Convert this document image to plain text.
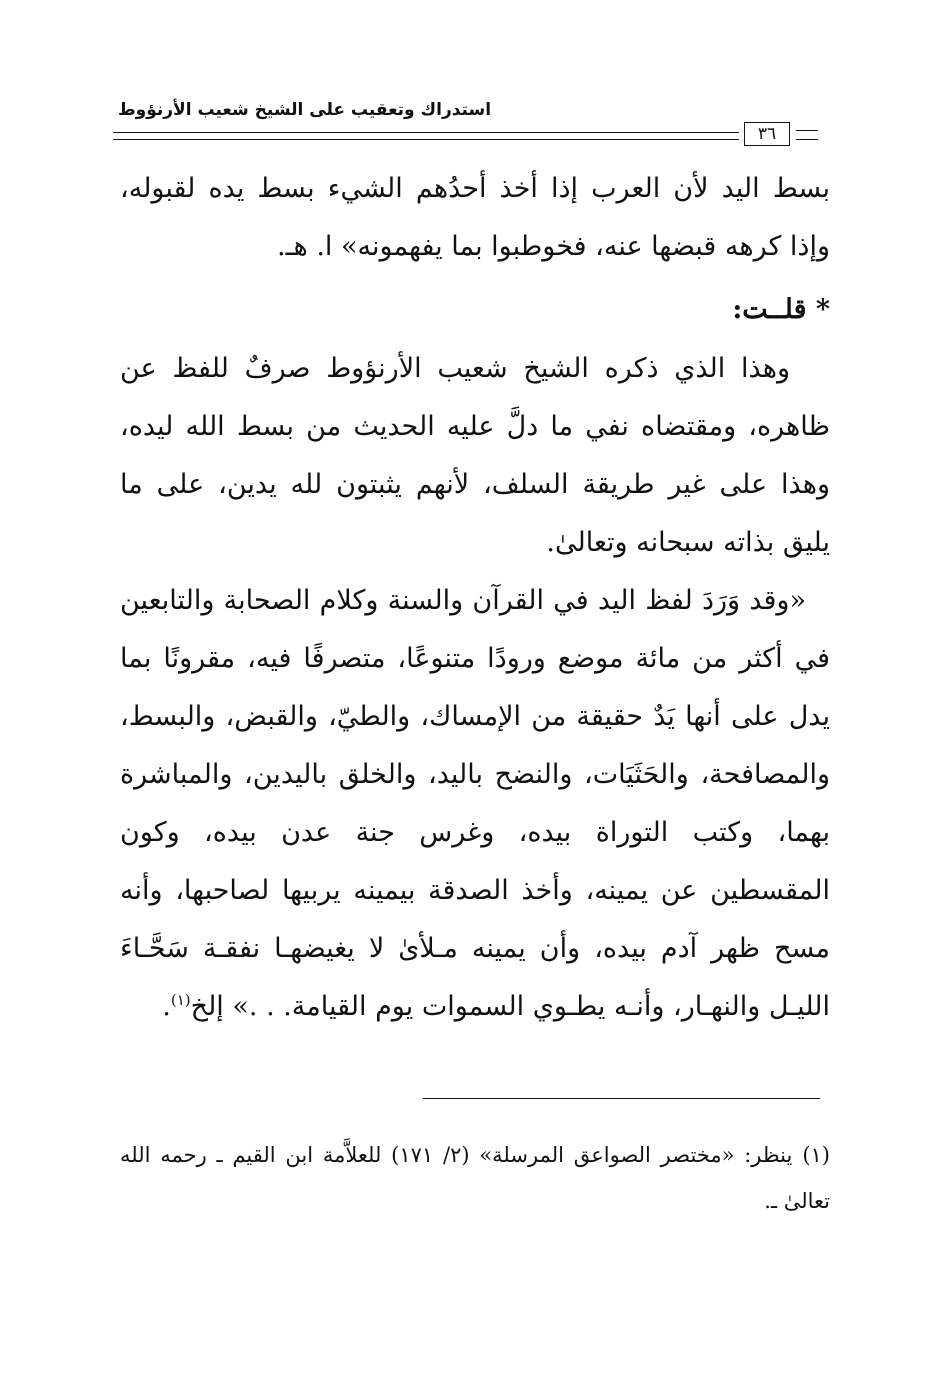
استدراك وتعقيب على الشيخ شعيب الأرنؤوط
٣٦

بسط اليد لأن العرب إذا أخذ أحدُهم الشيء بسط يده لقبوله، وإذا كرهه قبضها عنه، فخوطبوا بما يفهمونه» ا. هـ.

* قلــت:

وهذا الذي ذكره الشيخ شعيب الأرنؤوط صرفٌ للفظ عن ظاهره، ومقتضاه نفي ما دلَّ عليه الحديث من بسط الله ليده، وهذا على غير طريقة السلف، لأنهم يثبتون لله يدين، على ما يليق بذاته سبحانه وتعالىٰ.

«وقد وَرَدَ لفظ اليد في القرآن والسنة وكلام الصحابة والتابعين في أكثر من مائة موضع ورودًا متنوعًا، متصرفًا فيه، مقرونًا بما يدل على أنها يَدٌ حقيقة من الإمساك، والطيّ، والقبض، والبسط، والمصافحة، والحَثَيَات، والنضح باليد، والخلق باليدين، والمباشرة بهما، وكتب التوراة بيده، وغرس جنة عدن بيده، وكون المقسطين عن يمينه، وأخذ الصدقة بيمينه يربيها لصاحبها، وأنه مسح ظهر آدم بيده، وأن يمينه مـلأىٰ لا يغيضهـا نفقـة سَحَّـاءَ الليـل والنهـار، وأنـه يطـوي السموات يوم القيامة. . .» إلخ$^{(١)}$.

(١)ينظر: «مختصر الصواعق المرسلة» (٢/ ١٧١) للعلاَّمة ابن القيم ـ رحمه الله تعالىٰ ـ.
